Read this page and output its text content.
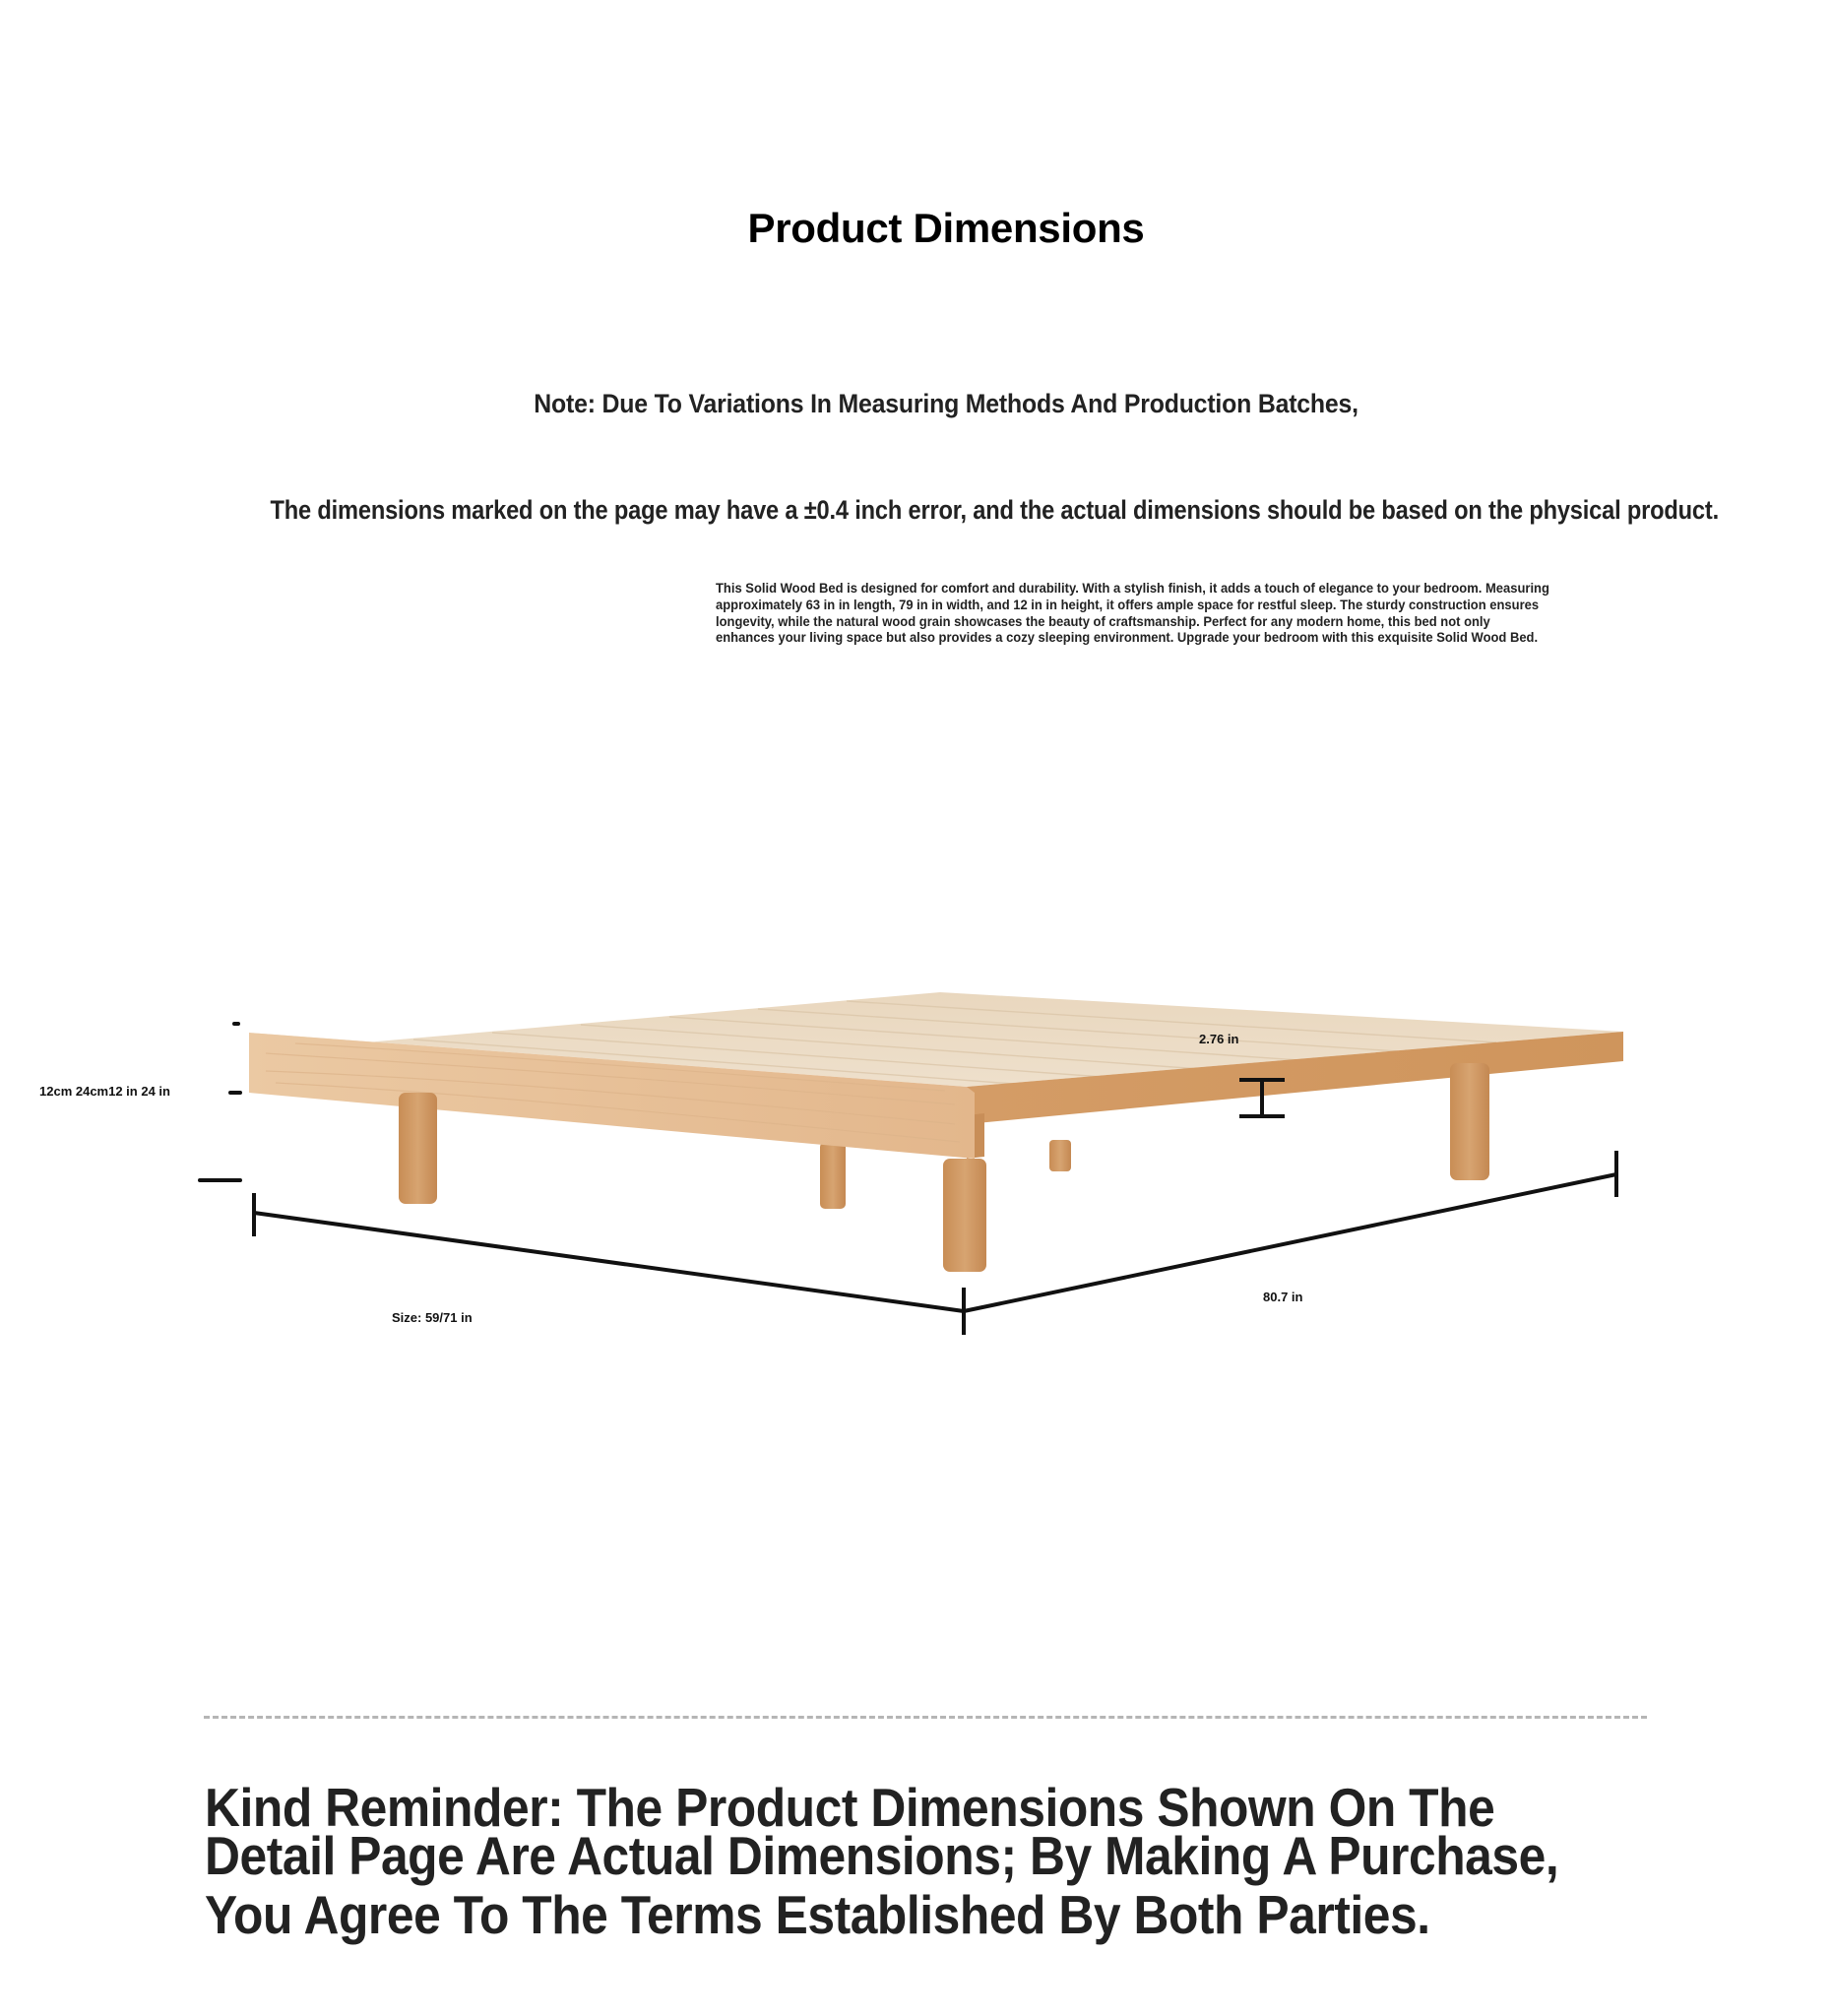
Product Dimensions
Note: Due To Variations In Measuring Methods And Production Batches,
The dimensions marked on the page may have a ±0.4 inch error, and the actual dimensions should be based on the physical product.
This Solid Wood Bed is designed for comfort and durability. With a stylish finish, it adds a touch of elegance to your bedroom. Measuring
approximately 63 in in length, 79 in in width, and 12 in in height, it offers ample space for restful sleep. The sturdy construction ensures
longevity, while the natural wood grain showcases the beauty of craftsmanship. Perfect for any modern home, this bed not only
enhances your living space but also provides a cozy sleeping environment. Upgrade your bedroom with this exquisite Solid Wood Bed.
12cm 24cm12 in 24 in
2.76 in
Size: 59/71 in
80.7 in
Kind Reminder: The Product Dimensions Shown On The
Detail Page Are Actual Dimensions; By Making A Purchase,
You Agree To The Terms Established By Both Parties.
